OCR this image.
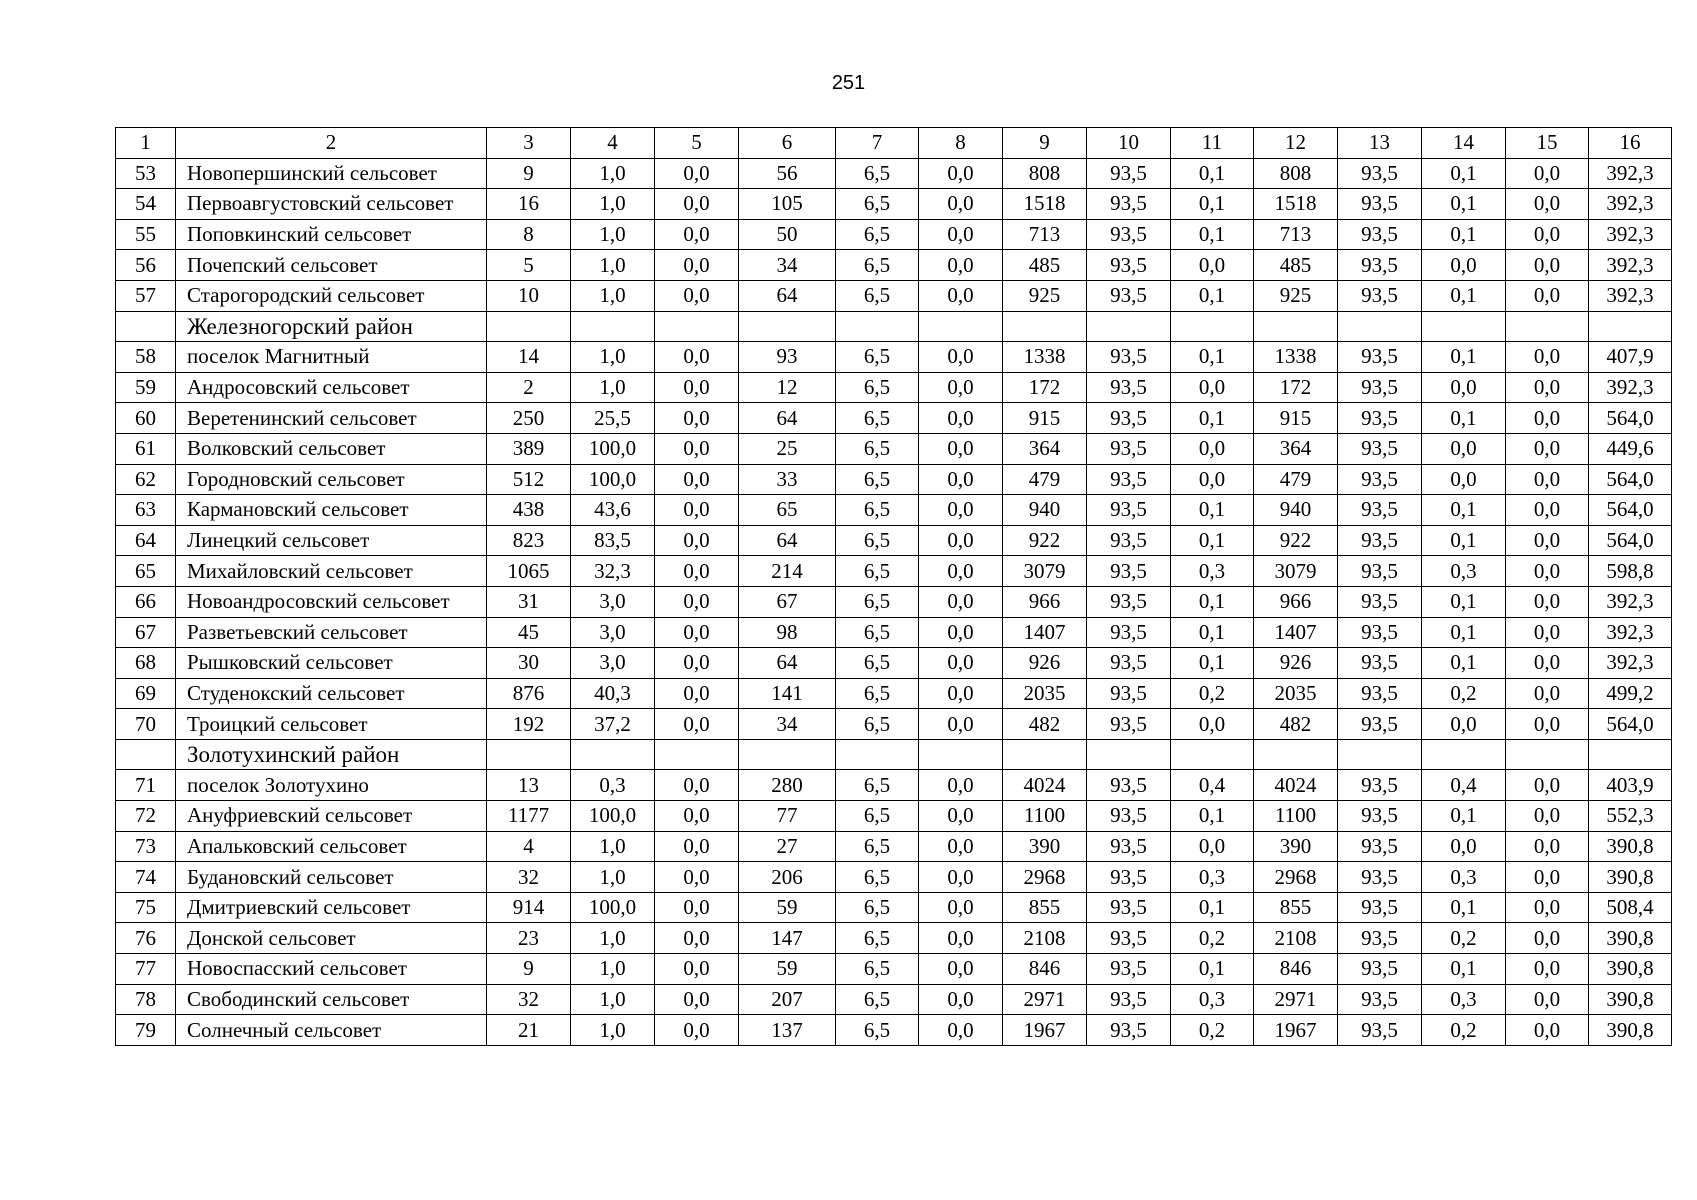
251
1	2	3	4	5	6	7	8	9	10	11	12	13	14	15	16
53	Новопершинский сельсовет	9	1,0	0,0	56	6,5	0,0	808	93,5	0,1	808	93,5	0,1	0,0	392,3
54	Первоавгустовский сельсовет	16	1,0	0,0	105	6,5	0,0	1518	93,5	0,1	1518	93,5	0,1	0,0	392,3
55	Поповкинский сельсовет	8	1,0	0,0	50	6,5	0,0	713	93,5	0,1	713	93,5	0,1	0,0	392,3
56	Почепский сельсовет	5	1,0	0,0	34	6,5	0,0	485	93,5	0,0	485	93,5	0,0	0,0	392,3
57	Старогородский сельсовет	10	1,0	0,0	64	6,5	0,0	925	93,5	0,1	925	93,5	0,1	0,0	392,3
	Железногорский район														
58	поселок Магнитный	14	1,0	0,0	93	6,5	0,0	1338	93,5	0,1	1338	93,5	0,1	0,0	407,9
59	Андросовский сельсовет	2	1,0	0,0	12	6,5	0,0	172	93,5	0,0	172	93,5	0,0	0,0	392,3
60	Веретенинский сельсовет	250	25,5	0,0	64	6,5	0,0	915	93,5	0,1	915	93,5	0,1	0,0	564,0
61	Волковский сельсовет	389	100,0	0,0	25	6,5	0,0	364	93,5	0,0	364	93,5	0,0	0,0	449,6
62	Городновский сельсовет	512	100,0	0,0	33	6,5	0,0	479	93,5	0,0	479	93,5	0,0	0,0	564,0
63	Кармановский сельсовет	438	43,6	0,0	65	6,5	0,0	940	93,5	0,1	940	93,5	0,1	0,0	564,0
64	Линецкий сельсовет	823	83,5	0,0	64	6,5	0,0	922	93,5	0,1	922	93,5	0,1	0,0	564,0
65	Михайловский сельсовет	1065	32,3	0,0	214	6,5	0,0	3079	93,5	0,3	3079	93,5	0,3	0,0	598,8
66	Новоандросовский сельсовет	31	3,0	0,0	67	6,5	0,0	966	93,5	0,1	966	93,5	0,1	0,0	392,3
67	Разветьевский сельсовет	45	3,0	0,0	98	6,5	0,0	1407	93,5	0,1	1407	93,5	0,1	0,0	392,3
68	Рышковский сельсовет	30	3,0	0,0	64	6,5	0,0	926	93,5	0,1	926	93,5	0,1	0,0	392,3
69	Студенокский сельсовет	876	40,3	0,0	141	6,5	0,0	2035	93,5	0,2	2035	93,5	0,2	0,0	499,2
70	Троицкий сельсовет	192	37,2	0,0	34	6,5	0,0	482	93,5	0,0	482	93,5	0,0	0,0	564,0
	Золотухинский район														
71	поселок Золотухино	13	0,3	0,0	280	6,5	0,0	4024	93,5	0,4	4024	93,5	0,4	0,0	403,9
72	Ануфриевский сельсовет	1177	100,0	0,0	77	6,5	0,0	1100	93,5	0,1	1100	93,5	0,1	0,0	552,3
73	Апальковский сельсовет	4	1,0	0,0	27	6,5	0,0	390	93,5	0,0	390	93,5	0,0	0,0	390,8
74	Будановский сельсовет	32	1,0	0,0	206	6,5	0,0	2968	93,5	0,3	2968	93,5	0,3	0,0	390,8
75	Дмитриевский сельсовет	914	100,0	0,0	59	6,5	0,0	855	93,5	0,1	855	93,5	0,1	0,0	508,4
76	Донской сельсовет	23	1,0	0,0	147	6,5	0,0	2108	93,5	0,2	2108	93,5	0,2	0,0	390,8
77	Новоспасский сельсовет	9	1,0	0,0	59	6,5	0,0	846	93,5	0,1	846	93,5	0,1	0,0	390,8
78	Свободинский сельсовет	32	1,0	0,0	207	6,5	0,0	2971	93,5	0,3	2971	93,5	0,3	0,0	390,8
79	Солнечный сельсовет	21	1,0	0,0	137	6,5	0,0	1967	93,5	0,2	1967	93,5	0,2	0,0	390,8
